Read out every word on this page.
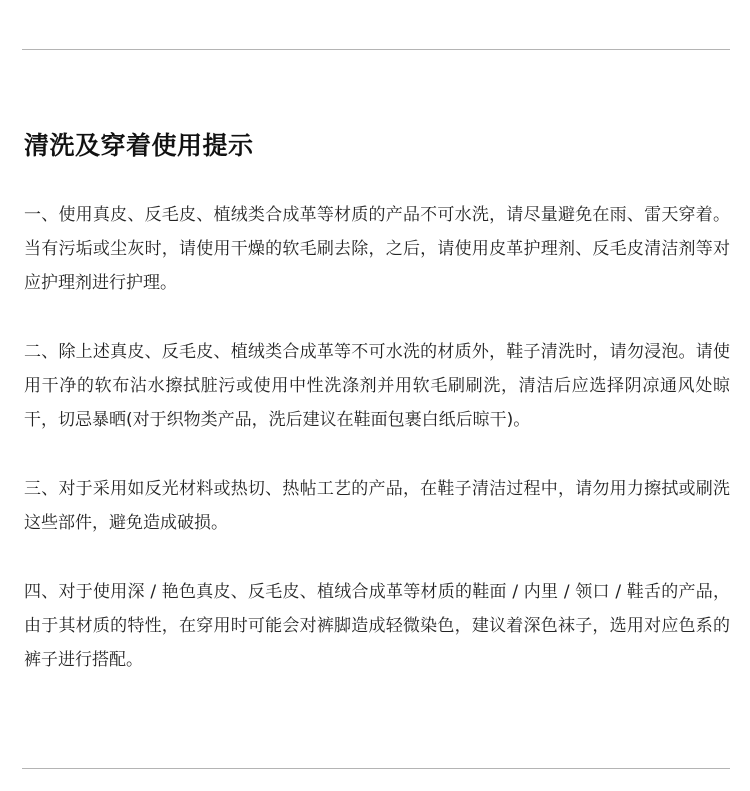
清洗及穿着使用提示

一、使用真皮、反毛皮、植绒类合成革等材质的产品不可水洗，请尽量避免在雨、雷天穿着。当有污垢或尘灰时，请使用干燥的软毛刷去除，之后，请使用皮革护理剂、反毛皮清洁剂等对应护理剂进行护理。

二、除上述真皮、反毛皮、植绒类合成革等不可水洗的材质外，鞋子清洗时，请勿浸泡。请使用干净的软布沾水擦拭脏污或使用中性洗涤剂并用软毛刷刷洗，清洁后应选择阴凉通风处晾干，切忌暴晒(对于织物类产品，洗后建议在鞋面包裹白纸后晾干)。

三、对于采用如反光材料或热切、热帖工艺的产品，在鞋子清洁过程中，请勿用力擦拭或刷洗这些部件，避免造成破损。

四、对于使用深 / 艳色真皮、反毛皮、植绒合成革等材质的鞋面 / 内里 / 领口 / 鞋舌的产品，由于其材质的特性，在穿用时可能会对裤脚造成轻微染色，建议着深色袜子，选用对应色系的裤子进行搭配。
